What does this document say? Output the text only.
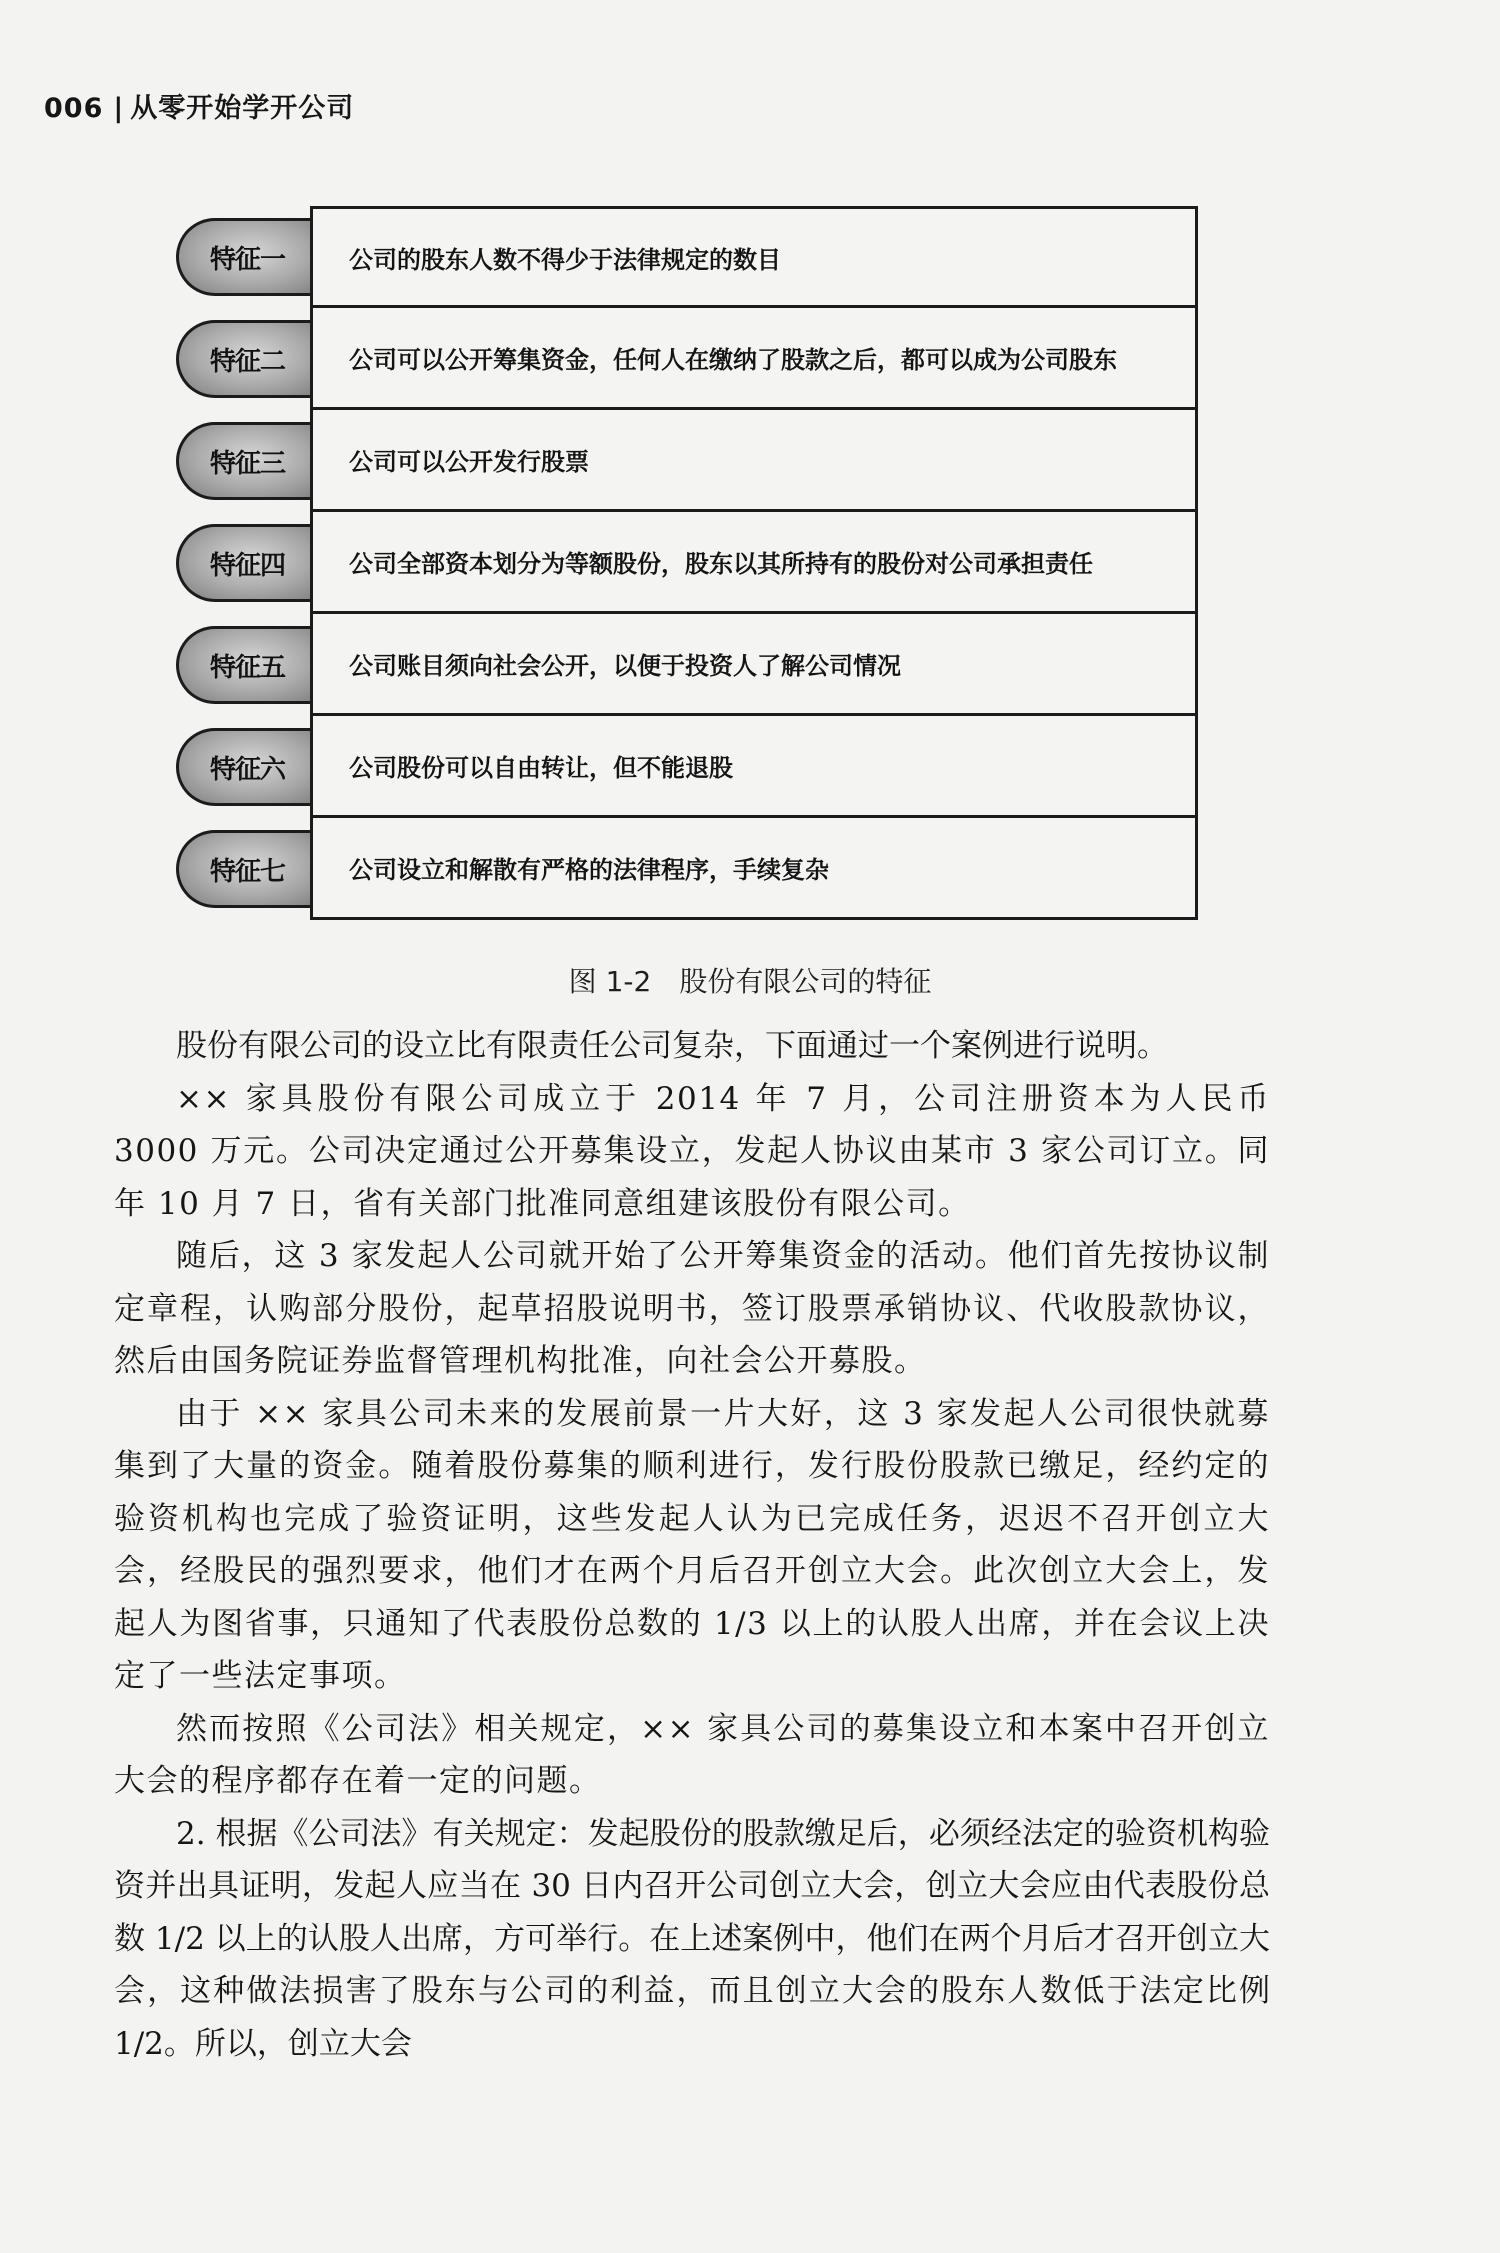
006 | 从零开始学开公司
特征一	公司的股东人数不得少于法律规定的数目
特征二	公司可以公开筹集资金，任何人在缴纳了股款之后，都可以成为公司股东
特征三	公司可以公开发行股票
特征四	公司全部资本划分为等额股份，股东以其所持有的股份对公司承担责任
特征五	公司账目须向社会公开，以便于投资人了解公司情况
特征六	公司股份可以自由转让，但不能退股
特征七	公司设立和解散有严格的法律程序，手续复杂
图 1-2 股份有限公司的特征

股份有限公司的设立比有限责任公司复杂，下面通过一个案例进行说明。

×× 家具股份有限公司成立于 2014 年 7 月，公司注册资本为人民币 3000 万元。公司决定通过公开募集设立，发起人协议由某市 3 家公司订立。同年 10 月 7 日，省有关部门批准同意组建该股份有限公司。

随后，这 3 家发起人公司就开始了公开筹集资金的活动。他们首先按协议制定章程，认购部分股份，起草招股说明书，签订股票承销协议、代收股款协议，然后由国务院证券监督管理机构批准，向社会公开募股。

由于 ×× 家具公司未来的发展前景一片大好，这 3 家发起人公司很快就募集到了大量的资金。随着股份募集的顺利进行，发行股份股款已缴足，经约定的验资机构也完成了验资证明，这些发起人认为已完成任务，迟迟不召开创立大会，经股民的强烈要求，他们才在两个月后召开创立大会。此次创立大会上，发起人为图省事，只通知了代表股份总数的 1/3 以上的认股人出席，并在会议上决定了一些法定事项。

然而按照《公司法》相关规定，×× 家具公司的募集设立和本案中召开创立大会的程序都存在着一定的问题。

2. 根据《公司法》有关规定：发起股份的股款缴足后，必须经法定的验资机构验资并出具证明，发起人应当在 30 日内召开公司创立大会，创立大会应由代表股份总数 1/2 以上的认股人出席，方可举行。在上述案例中，他们在两个月后才召开创立大会，这种做法损害了股东与公司的利益，而且创立大会的股东人数低于法定比例 1/2。所以，创立大会
